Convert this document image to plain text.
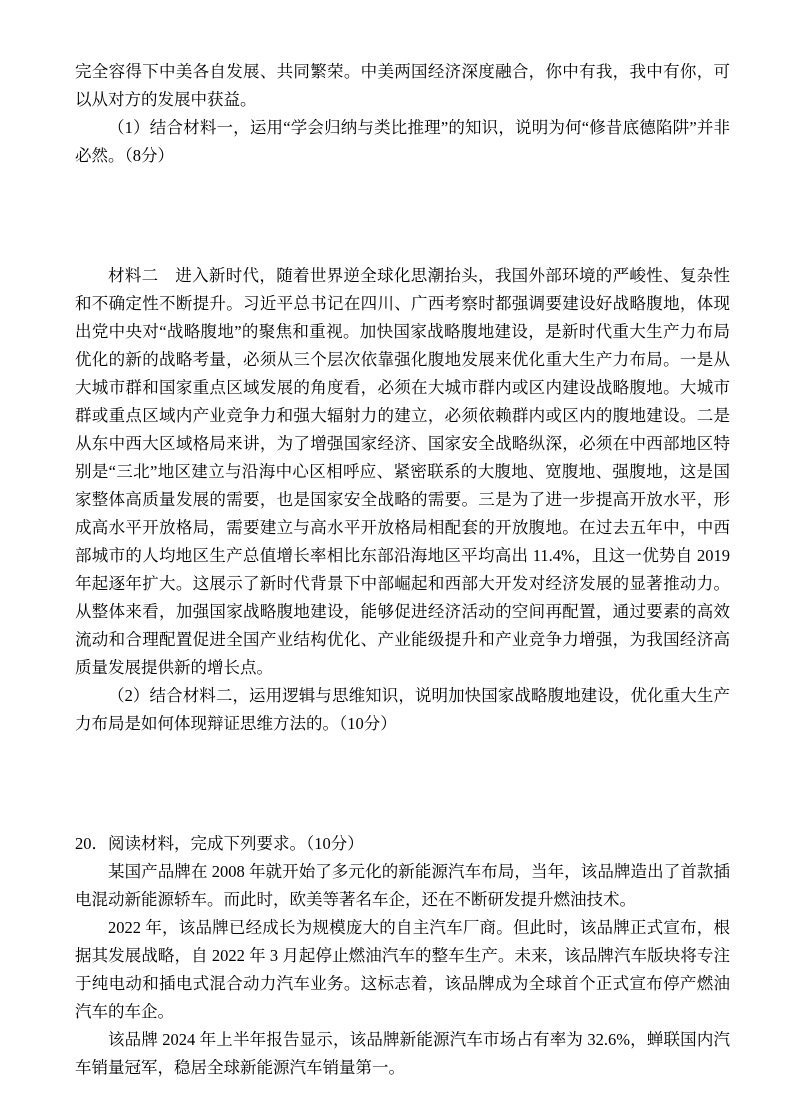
完全容得下中美各自发展、共同繁荣。中美两国经济深度融合，你中有我，我中有你，可以从对方的发展中获益。

（1）结合材料一，运用“学会归纳与类比推理”的知识，说明为何“修昔底德陷阱”并非必然。（8分）

材料二　进入新时代，随着世界逆全球化思潮抬头，我国外部环境的严峻性、复杂性和不确定性不断提升。习近平总书记在四川、广西考察时都强调要建设好战略腹地，体现出党中央对“战略腹地”的聚焦和重视。加快国家战略腹地建设，是新时代重大生产力布局优化的新的战略考量，必须从三个层次依靠强化腹地发展来优化重大生产力布局。一是从大城市群和国家重点区域发展的角度看，必须在大城市群内或区内建设战略腹地。大城市群或重点区域内产业竞争力和强大辐射力的建立，必须依赖群内或区内的腹地建设。二是从东中西大区域格局来讲，为了增强国家经济、国家安全战略纵深，必须在中西部地区特别是“三北”地区建立与沿海中心区相呼应、紧密联系的大腹地、宽腹地、强腹地，这是国家整体高质量发展的需要，也是国家安全战略的需要。三是为了进一步提高开放水平，形成高水平开放格局，需要建立与高水平开放格局相配套的开放腹地。在过去五年中，中西部城市的人均地区生产总值增长率相比东部沿海地区平均高出 11.4%，且这一优势自 2019 年起逐年扩大。这展示了新时代背景下中部崛起和西部大开发对经济发展的显著推动力。从整体来看，加强国家战略腹地建设，能够促进经济活动的空间再配置，通过要素的高效流动和合理配置促进全国产业结构优化、产业能级提升和产业竞争力增强，为我国经济高质量发展提供新的增长点。

（2）结合材料二，运用逻辑与思维知识，说明加快国家战略腹地建设，优化重大生产力布局是如何体现辩证思维方法的。（10分）

20．阅读材料，完成下列要求。（10分）

某国产品牌在 2008 年就开始了多元化的新能源汽车布局，当年，该品牌造出了首款插电混动新能源轿车。而此时，欧美等著名车企，还在不断研发提升燃油技术。

2022 年，该品牌已经成长为规模庞大的自主汽车厂商。但此时，该品牌正式宣布，根据其发展战略，自 2022 年 3 月起停止燃油汽车的整车生产。未来，该品牌汽车版块将专注于纯电动和插电式混合动力汽车业务。这标志着，该品牌成为全球首个正式宣布停产燃油汽车的车企。

该品牌 2024 年上半年报告显示，该品牌新能源汽车市场占有率为 32.6%，蝉联国内汽车销量冠军，稳居全球新能源汽车销量第一。
